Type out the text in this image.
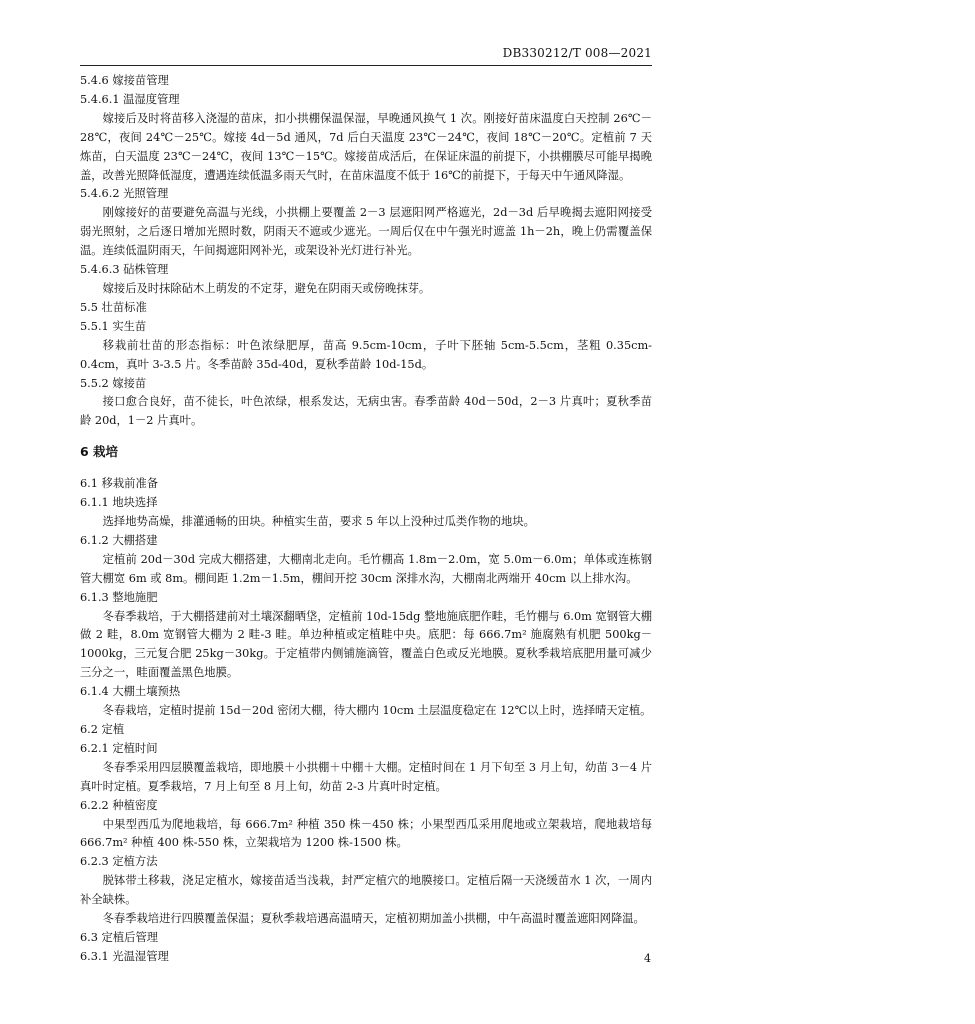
DB330212/T 008—2021
5.4.6 嫁接苗管理
5.4.6.1 温湿度管理
嫁接后及时将苗移入浇湿的苗床，扣小拱棚保温保湿，早晚通风换气 1 次。刚接好苗床温度白天控制 26℃－28℃，夜间 24℃－25℃。嫁接 4d－5d 通风，7d 后白天温度 23℃－24℃，夜间 18℃－20℃。定植前 7 天炼苗，白天温度 23℃－24℃，夜间 13℃－15℃。嫁接苗成活后，在保证床温的前提下，小拱棚膜尽可能早揭晚盖，改善光照降低湿度，遭遇连续低温多雨天气时，在苗床温度不低于 16℃的前提下，于每天中午通风降湿。
5.4.6.2 光照管理
刚嫁接好的苗要避免高温与光线，小拱棚上要覆盖 2－3 层遮阳网严格遮光，2d－3d 后早晚揭去遮阳网接受弱光照射，之后逐日增加光照时数，阴雨天不遮或少遮光。一周后仅在中午强光时遮盖 1h－2h，晚上仍需覆盖保温。连续低温阴雨天，午间揭遮阳网补光，或架设补光灯进行补光。
5.4.6.3 砧株管理
嫁接后及时抹除砧木上萌发的不定芽，避免在阴雨天或傍晚抹芽。
5.5 壮苗标准
5.5.1 实生苗
移栽前壮苗的形态指标：叶色浓绿肥厚，苗高 9.5cm-10cm，子叶下胚轴 5cm-5.5cm，茎粗 0.35cm-0.4cm，真叶 3-3.5 片。冬季苗龄 35d-40d，夏秋季苗龄 10d-15d。
5.5.2 嫁接苗
接口愈合良好，苗不徒长，叶色浓绿，根系发达，无病虫害。春季苗龄 40d－50d，2－3 片真叶；夏秋季苗龄 20d，1－2 片真叶。
6 栽培
6.1 移栽前准备
6.1.1 地块选择
选择地势高燥，排灌通畅的田块。种植实生苗，要求 5 年以上没种过瓜类作物的地块。
6.1.2 大棚搭建
定植前 20d－30d 完成大棚搭建，大棚南北走向。毛竹棚高 1.8m－2.0m，宽 5.0m－6.0m；单体或连栋钢管大棚宽 6m 或 8m。棚间距 1.2m－1.5m，棚间开挖 30cm 深排水沟，大棚南北两端开 40cm 以上排水沟。
6.1.3 整地施肥
冬春季栽培，于大棚搭建前对土壤深翻晒垡，定植前 10d-15dg 整地施底肥作畦，毛竹棚与 6.0m 宽钢管大棚做 2 畦，8.0m 宽钢管大棚为 2 畦-3 畦。单边种植或定植畦中央。底肥：每 666.7m² 施腐熟有机肥 500kg－1000kg，三元复合肥 25kg－30kg。于定植带内侧铺施滴管，覆盖白色或反光地膜。夏秋季栽培底肥用量可减少三分之一，畦面覆盖黑色地膜。
6.1.4 大棚土壤预热
冬春栽培，定植时提前 15d－20d 密闭大棚，待大棚内 10cm 土层温度稳定在 12℃以上时，选择晴天定植。
6.2 定植
6.2.1 定植时间
冬春季采用四层膜覆盖栽培，即地膜＋小拱棚＋中棚＋大棚。定植时间在 1 月下旬至 3 月上旬，幼苗 3－4 片真叶时定植。夏季栽培，7 月上旬至 8 月上旬，幼苗 2-3 片真叶时定植。
6.2.2 种植密度
中果型西瓜为爬地栽培，每 666.7m² 种植 350 株－450 株；小果型西瓜采用爬地或立架栽培，爬地栽培每 666.7m² 种植 400 株-550 株，立架栽培为 1200 株-1500 株。
6.2.3 定植方法
脱钵带土移栽，浇足定植水，嫁接苗适当浅栽，封严定植穴的地膜接口。定植后隔一天浇缓苗水 1 次，一周内补全缺株。
冬春季栽培进行四膜覆盖保温；夏秋季栽培遇高温晴天，定植初期加盖小拱棚，中午高温时覆盖遮阳网降温。
6.3 定植后管理
6.3.1 光温湿管理	4
